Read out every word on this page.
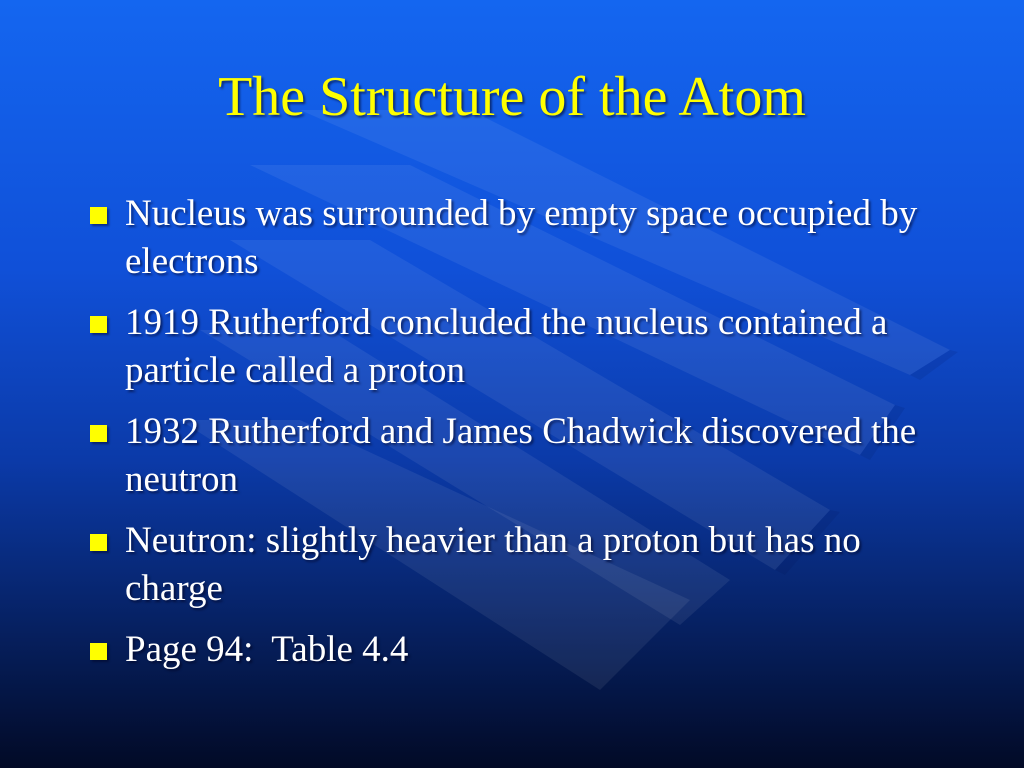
The Structure of the Atom
Nucleus was surrounded by empty space occupied by electrons
1919 Rutherford concluded the nucleus contained a particle called a proton
1932 Rutherford and James Chadwick discovered the neutron
Neutron: slightly heavier than a proton but has no charge
Page 94:  Table 4.4
